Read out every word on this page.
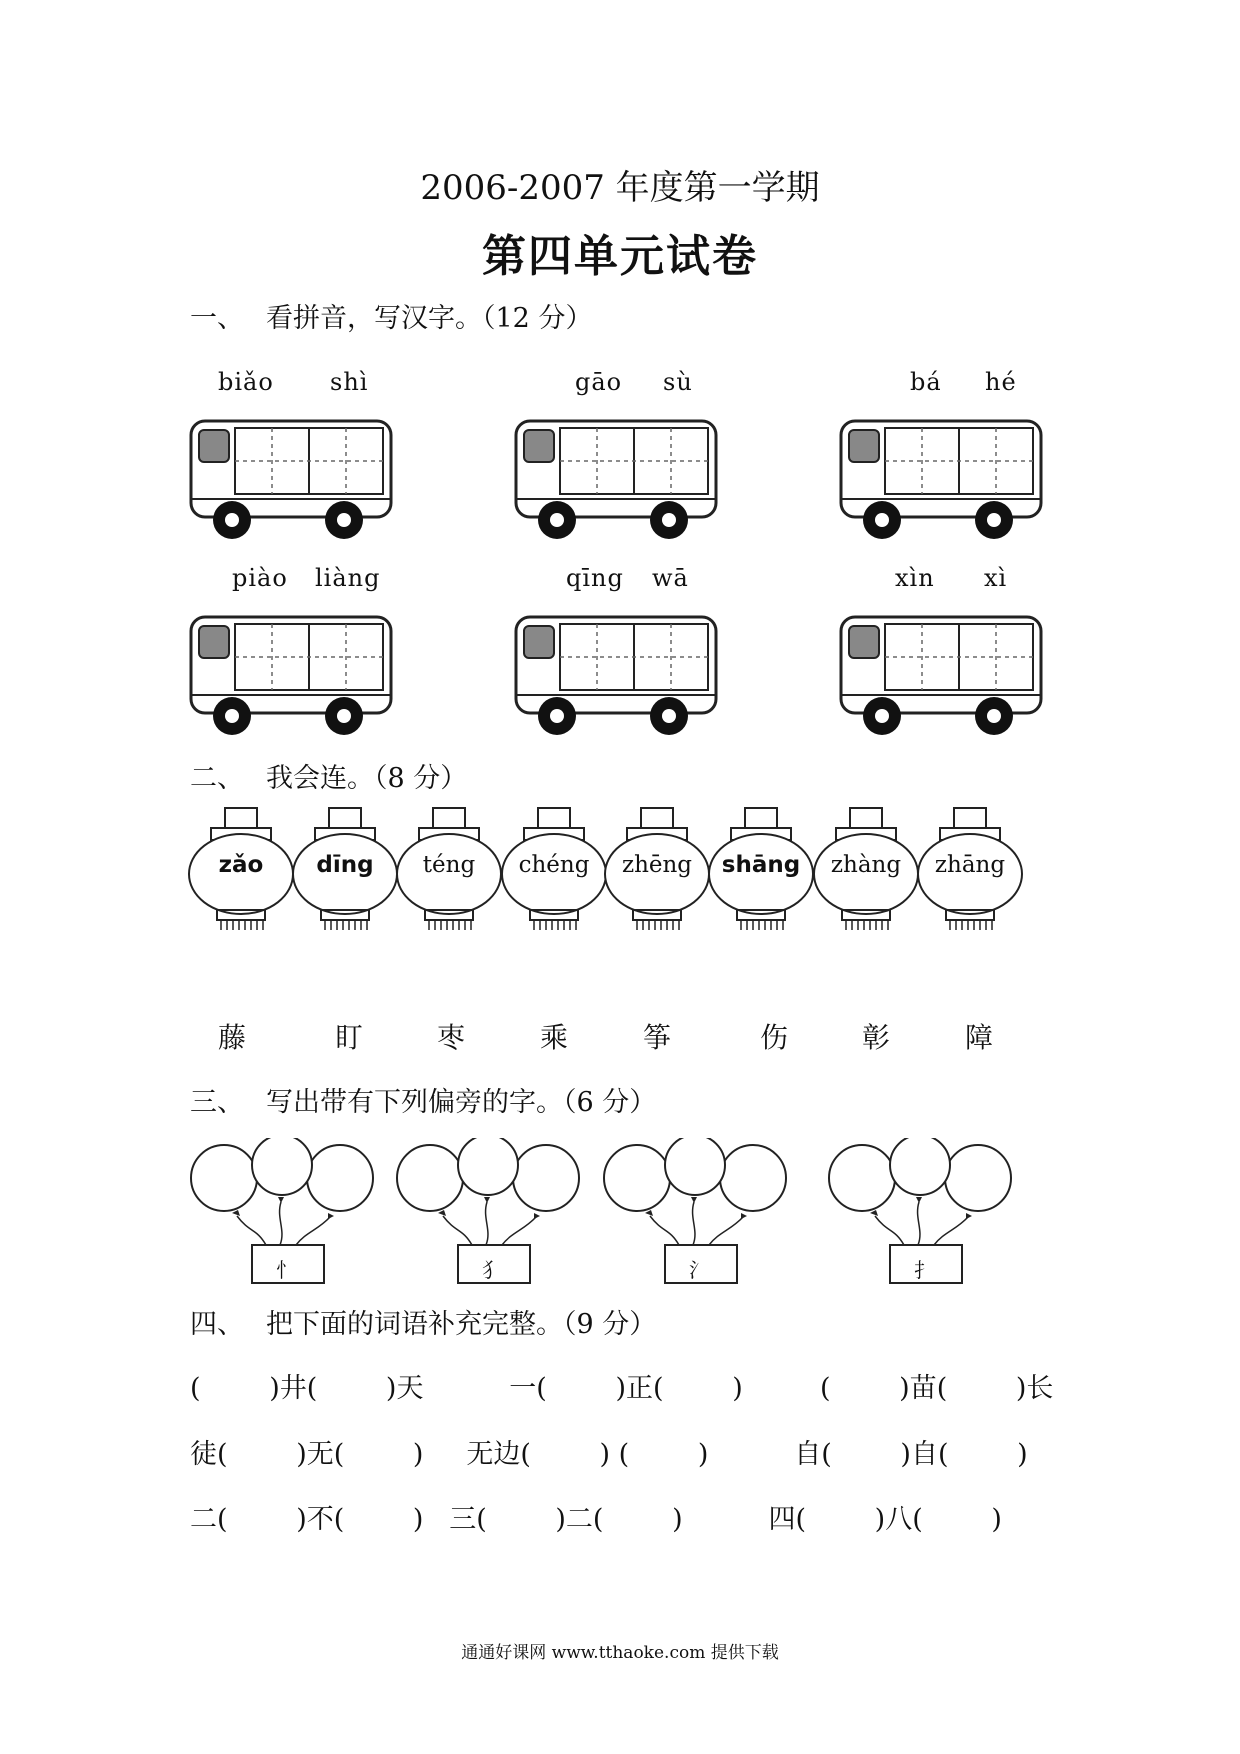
2006-2007 年度第一学期
第四单元试卷
一、 看拼音，写汉字。（12 分）
biǎo shì	gāo sù	bá hé
piào liàng	qīng wā	xìn xì
二、 我会连。（8 分）
zǎo	dīng	téng	chéng	zhēng	shāng	zhàng	zhāng
藤	盯	枣	乘	筝	伤	彰	障
三、 写出带有下列偏旁的字。（6 分）
忄	犭	氵	扌
四、 把下面的词语补充完整。（9 分）
(        )井(        )天          一(        )正(        )         (        )苗(        )长
徒(        )无(        )     无边(        ) (        )          自(        )自(        )
二(        )不(        )   三(        )二(        )          四(        )八(        )
通通好课网 www.tthaoke.com 提供下载
